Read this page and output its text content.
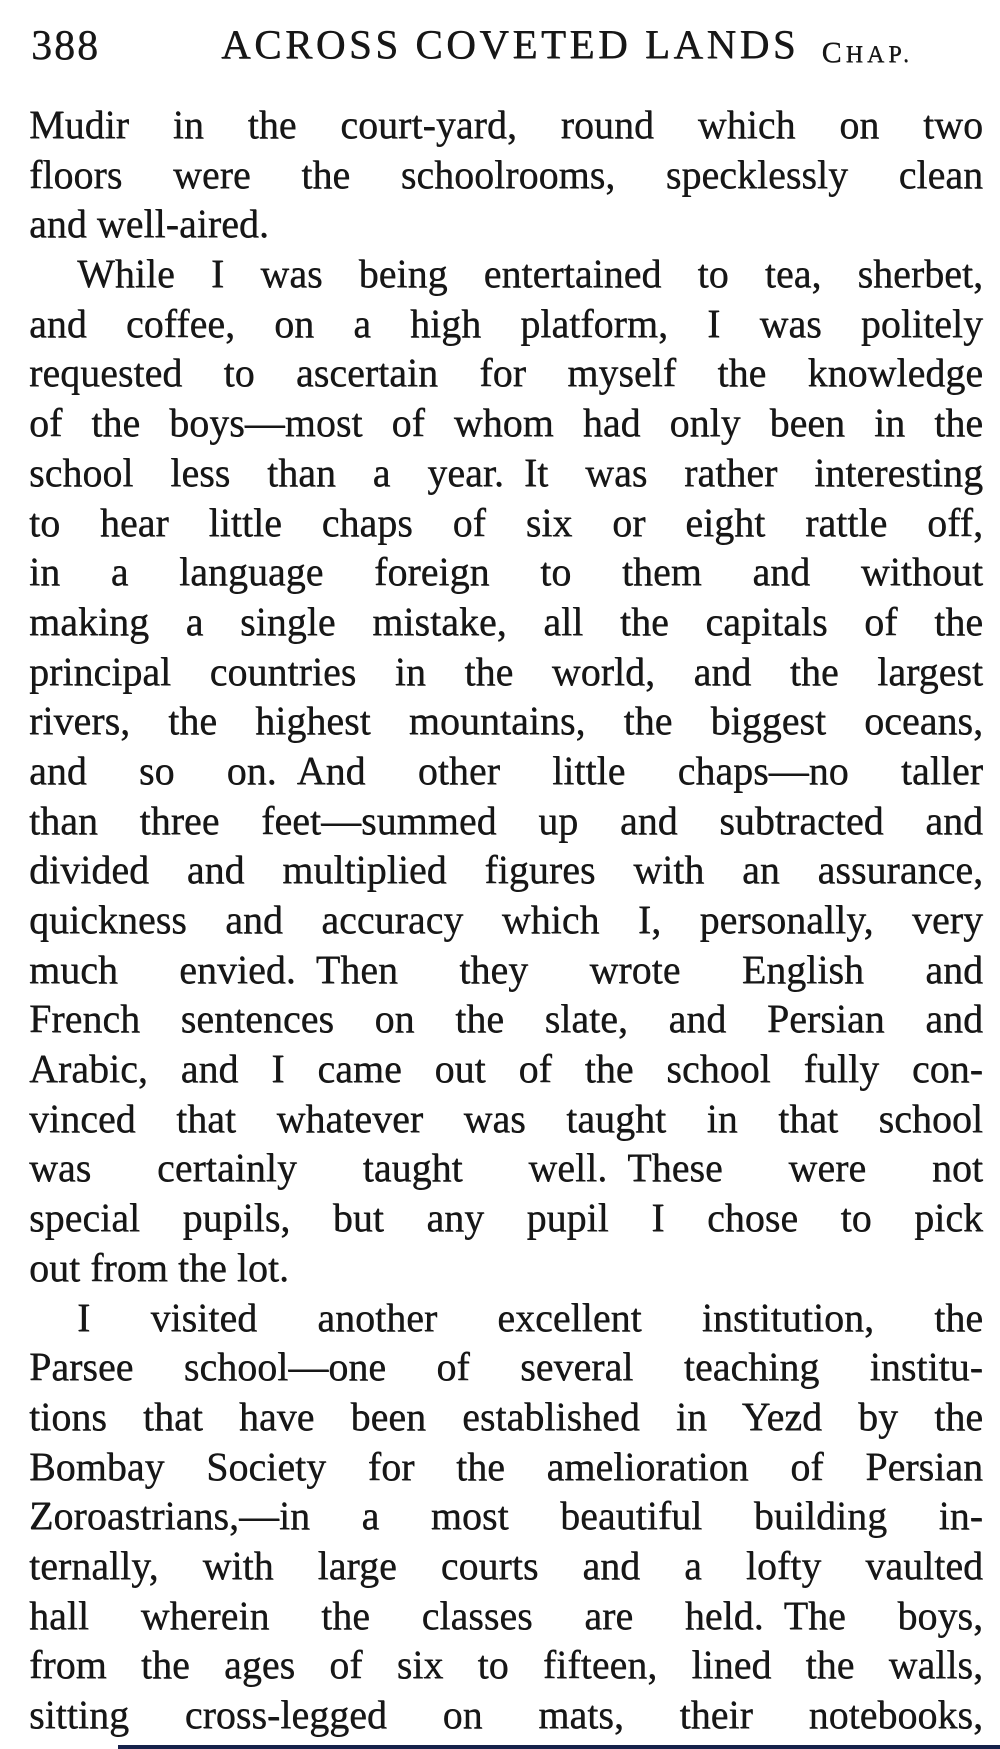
388	ACROSS COVETED LANDS CHAP.
Mudir in the court-yard, round which on two
floors were the schoolrooms, specklessly clean
and well-aired.
While I was being entertained to tea, sherbet,
and coffee, on a high platform, I was politely
requested to ascertain for myself the knowledge
of the boys—most of whom had only been in the
school less than a year. It was rather interesting
to hear little chaps of six or eight rattle off,
in a language foreign to them and without
making a single mistake, all the capitals of the
principal countries in the world, and the largest
rivers, the highest mountains, the biggest oceans,
and so on. And other little chaps—no taller
than three feet—summed up and subtracted and
divided and multiplied figures with an assurance,
quickness and accuracy which I, personally, very
much envied. Then they wrote English and
French sentences on the slate, and Persian and
Arabic, and I came out of the school fully con-
vinced that whatever was taught in that school
was certainly taught well. These were not
special pupils, but any pupil I chose to pick
out from the lot.
I visited another excellent institution, the
Parsee school—one of several teaching institu-
tions that have been established in Yezd by the
Bombay Society for the amelioration of Persian
Zoroastrians,—in a most beautiful building in-
ternally, with large courts and a lofty vaulted
hall wherein the classes are held. The boys,
from the ages of six to fifteen, lined the walls,
sitting cross-legged on mats, their notebooks,
